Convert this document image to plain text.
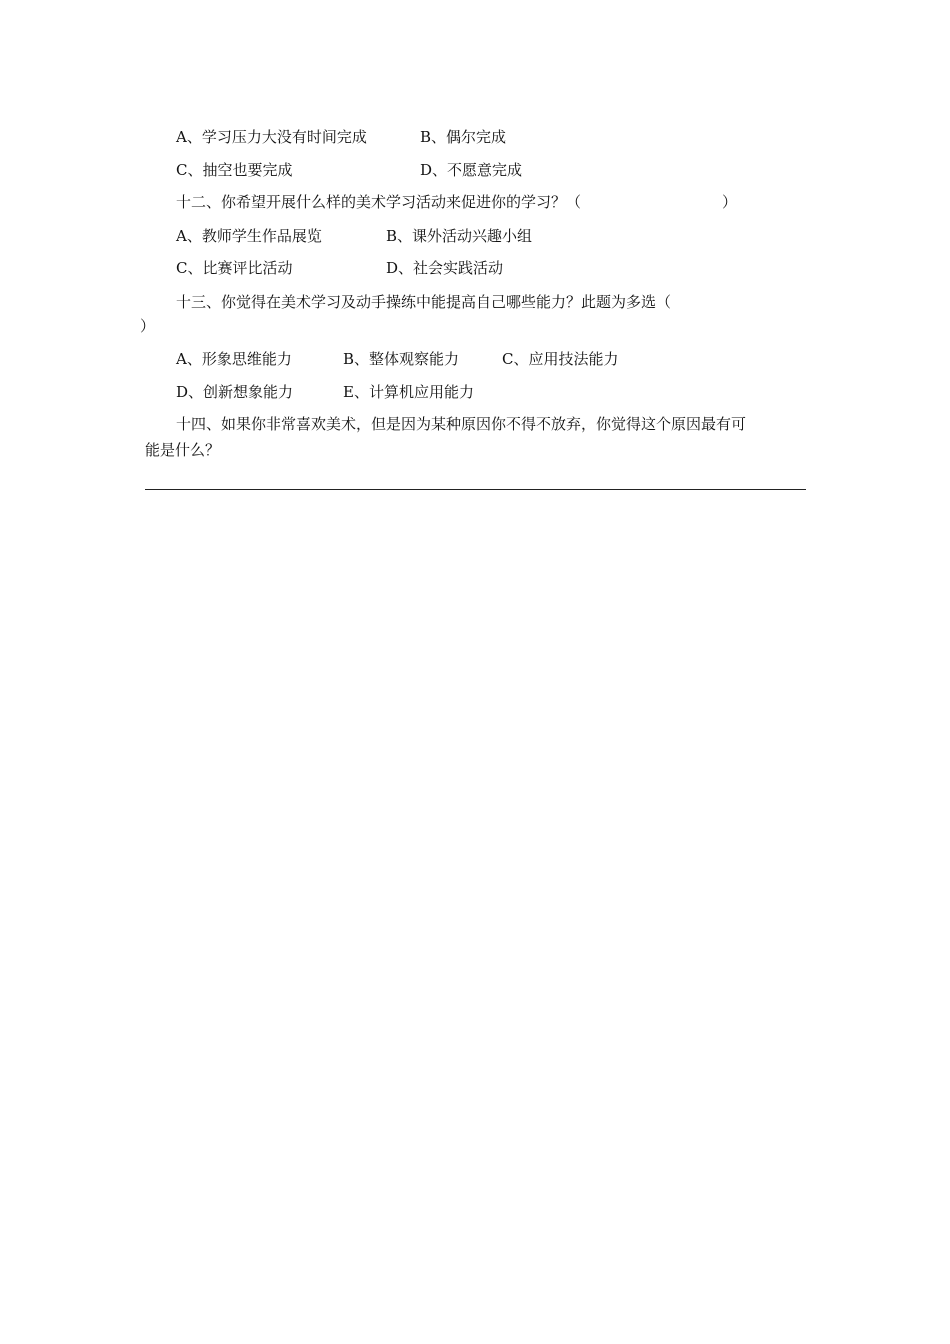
A、学习压力大没有时间完成	B、偶尔完成
C、抽空也要完成	D、不愿意完成
十二、你希望开展什么样的美术学习活动来促进你的学习？（	）
A、教师学生作品展览	B、课外活动兴趣小组
C、比赛评比活动	D、社会实践活动
十三、你觉得在美术学习及动手操练中能提高自己哪些能力？此题为多选（
）
A、形象思维能力	B、整体观察能力	C、应用技法能力
D、创新想象能力	E、计算机应用能力
十四、如果你非常喜欢美术，但是因为某种原因你不得不放弃，你觉得这个原因最有可
能是什么？
